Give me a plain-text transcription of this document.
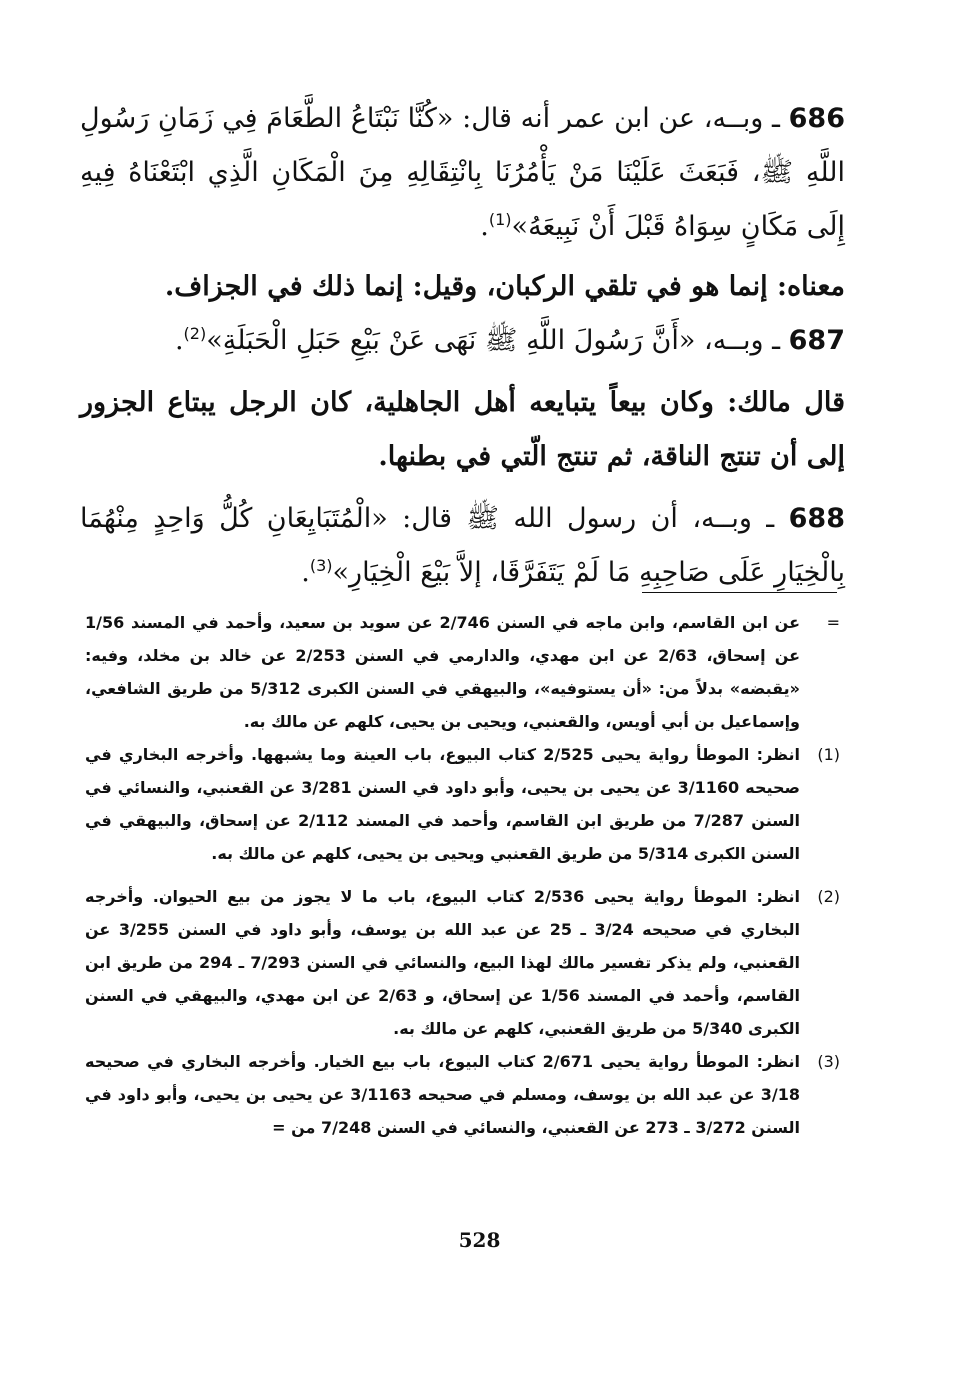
686 ـ وبــه، عن ابن عمر أنه قال: «كُنَّا نَبْتَاعُ الطَّعَامَ فِي زَمَانِ رَسُولِ اللَّهِ ﷺ، فَبَعَثَ عَلَيْنَا مَنْ يَأْمُرُنَا بِانْتِقَالِهِ مِنَ الْمَكَانِ الَّذِي ابْتَعْنَاهُ فِيهِ إِلَى مَكَانٍ سِوَاهُ قَبْلَ أَنْ نَبِيعَهُ»$^{(1)}$.

معناه: إنما هو في تلقي الركبان، وقيل: إنما ذلك في الجزاف.

687 ـ وبــه، «أَنَّ رَسُولَ اللَّهِ ﷺ نَهَى عَنْ بَيْعِ حَبَلِ الْحَبَلَةِ»$^{(2)}$.

قال مالك: وكان بيعاً يتبايعه أهل الجاهلية، كان الرجل يبتاع الجزور إلى أن تنتج الناقة، ثم تنتج الّتي في بطنها.

688 ـ وبــه، أن رسول الله ﷺ قال: «الْمُتَبَايِعَانِ كُلُّ وَاحِدٍ مِنْهُمَا بِالْخِيَارِ عَلَى صَاحِبِهِ مَا لَمْ يَتَفَرَّقَا، إلاَّ بَيْعَ الْخِيَارِ»$^{(3)}$.

=
عن ابن القاسم، وابن ماجه في السنن 2/746 عن سويد بن سعيد، وأحمد في المسند 1/56 عن إسحاق، 2/63 عن ابن مهدي، والدارمي في السنن 2/253 عن خالد بن مخلد، وفيه: «يقبضه» بدلاً من: «أن يستوفيه»، والبيهقي في السنن الكبرى 5/312 من طريق الشافعي، وإسماعيل بن أبي أويس، والقعنبي، ويحيى بن يحيى، كلهم عن مالك به.
(1)
انظر: الموطأ رواية يحيى 2/525 كتاب البيوع، باب العينة وما يشبهها. وأخرجه البخاري في صحيحه 3/1160 عن يحيى بن يحيى، وأبو داود في السنن 3/281 عن القعنبي، والنسائي في السنن 7/287 من طريق ابن القاسم، وأحمد في المسند 2/112 عن إسحاق، والبيهقي في السنن الكبرى 5/314 من طريق القعنبي ويحيى بن يحيى، كلهم عن مالك به.
(2)
انظر: الموطأ رواية يحيى 2/536 كتاب البيوع، باب ما لا يجوز من بيع الحيوان. وأخرجه البخاري في صحيحه 3/24 ـ 25 عن عبد الله بن يوسف، وأبو داود في السنن 3/255 عن القعنبي، ولم يذكر تفسير مالك لهذا البيع، والنسائي في السنن 7/293 ـ 294 من طريق ابن القاسم، وأحمد في المسند 1/56 عن إسحاق، و 2/63 عن ابن مهدي، والبيهقي في السنن الكبرى 5/340 من طريق القعنبي، كلهم عن مالك به.
(3)
انظر: الموطأ رواية يحيى 2/671 كتاب البيوع، باب بيع الخيار. وأخرجه البخاري في صحيحه 3/18 عن عبد الله بن يوسف، ومسلم في صحيحه 3/1163 عن يحيى بن يحيى، وأبو داود في السنن 3/272 ـ 273 عن القعنبي، والنسائي في السنن 7/248 من =
528
